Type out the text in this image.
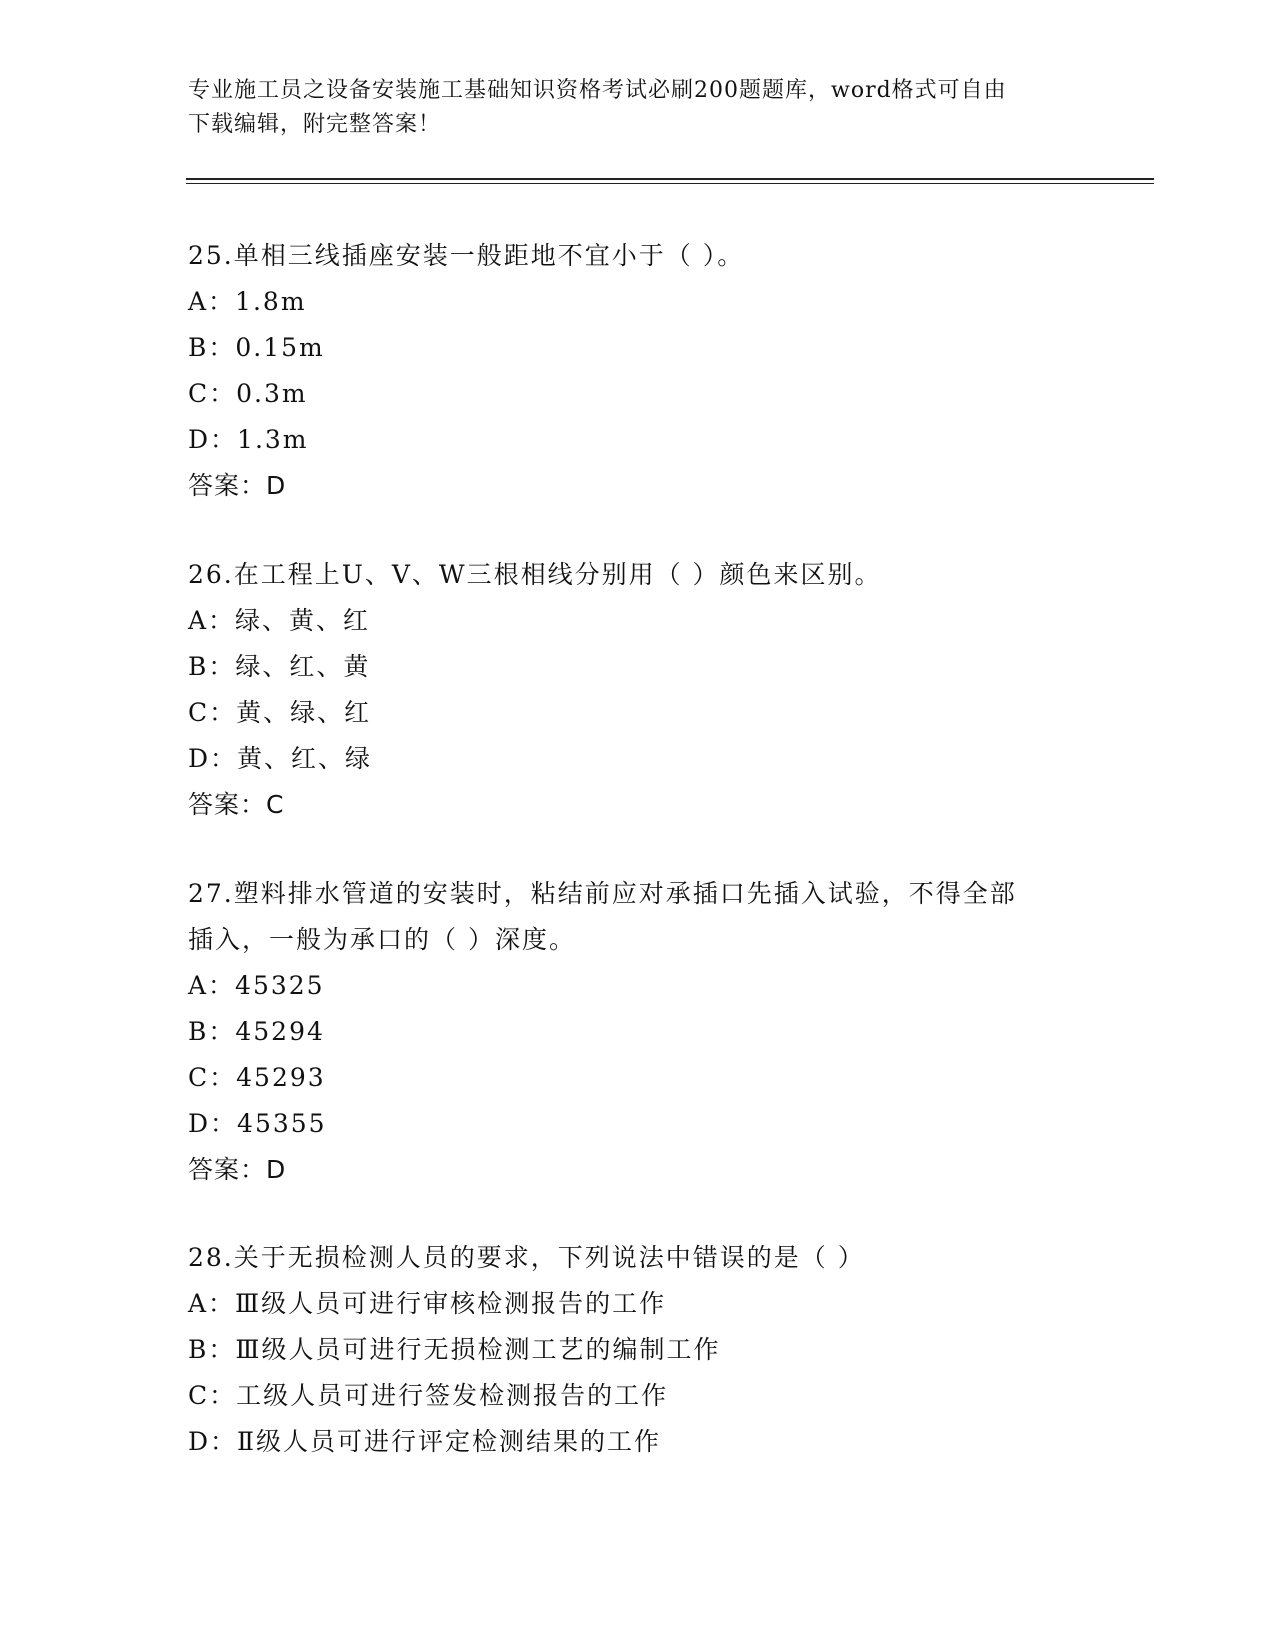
专业施工员之设备安装施工基础知识资格考试必刷200题题库，word格式可自由
下载编辑，附完整答案！
25.单相三线插座安装一般距地不宜小于（ ）。
A：1.8m
B：0.15m
C：0.3m
D：1.3m
答案：D
26.在工程上U、V、W三根相线分别用（ ）颜色来区别。
A：绿、黄、红
B：绿、红、黄
C：黄、绿、红
D：黄、红、绿
答案：C
27.塑料排水管道的安装时，粘结前应对承插口先插入试验，不得全部
插入，一般为承口的（ ）深度。
A：45325
B：45294
C：45293
D：45355
答案：D
28.关于无损检测人员的要求，下列说法中错误的是（ ）
A：Ⅲ级人员可进行审核检测报告的工作
B：Ⅲ级人员可进行无损检测工艺的编制工作
C：工级人员可进行签发检测报告的工作
D：Ⅱ级人员可进行评定检测结果的工作
